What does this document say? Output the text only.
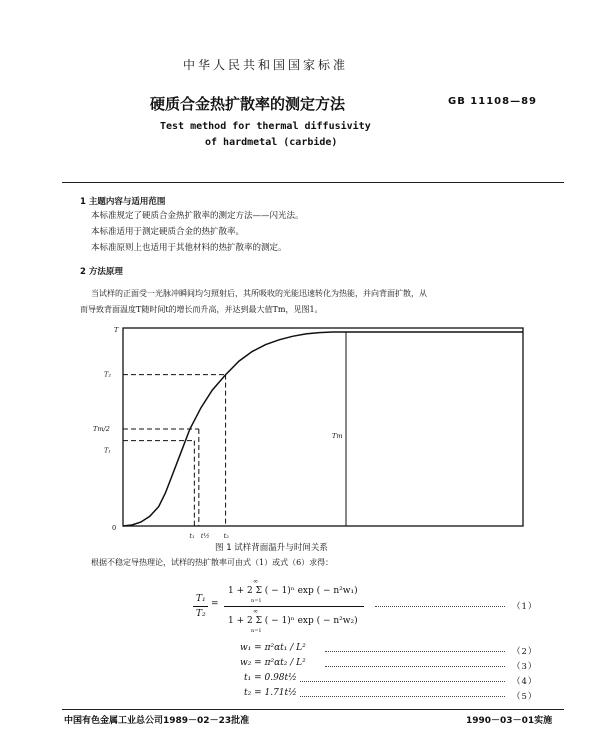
中华人民共和国国家标准
硬质合金热扩散率的测定方法	GB 11108—89
Test method for thermal diffusivity
of hardmetal (carbide)
1 主题内容与适用范围
本标准规定了硬质合金热扩散率的测定方法——闪光法。
本标准适用于测定硬质合金的热扩散率。
本标准原则上也适用于其他材料的热扩散率的测定。
2 方法原理
当试样的正面受一光脉冲瞬间均匀照射后，其所吸收的光能迅速转化为热能，并向背面扩散，从
而导致背面温度T随时间t的增长而升高，并达到最大值Tm，见图1。
T
T₂
Tm/2
T₁
0
t₁ t½ t₂
Tm
图 1 试样背面温升与时间关系
根据不稳定导热理论，试样的热扩散率可由式（1）或式（6）求得：
T₁
T₂
=
∞
1 + 2 Σ ( − 1)ⁿ exp ( − n²w₁)
n=1
∞
1 + 2 Σ ( − 1)ⁿ exp ( − n²w₂)
n=1
（1）
w₁ = π²αt₁ / L²	（2）
w₂ = π²αt₂ / L²	（3）
t₁ = 0.98t½	（4）
t₂ = 1.71t½	（5）
中国有色金属工业总公司1989－02－23批准	1990－03－01实施
